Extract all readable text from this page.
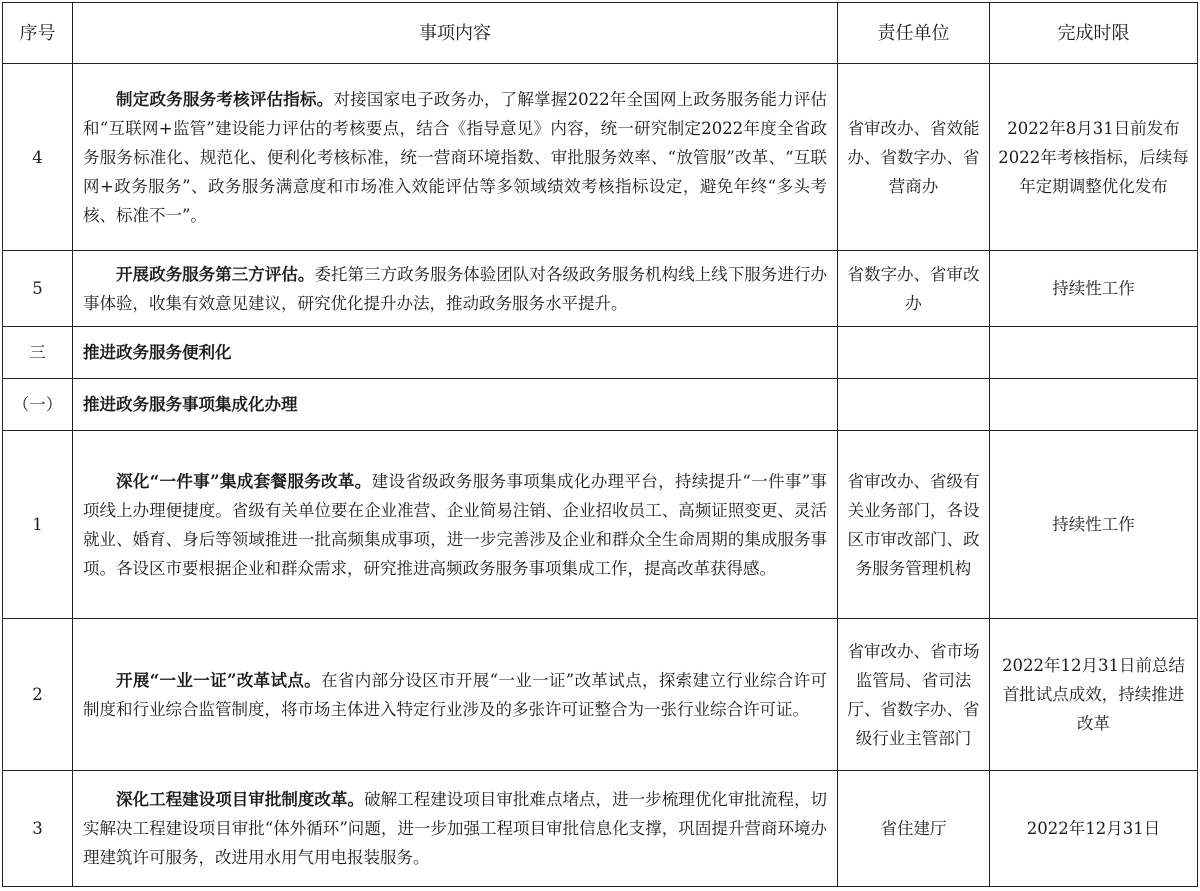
序号	事项内容	责任单位	完成时限
4	制定政务服务考核评估指标。对接国家电子政务办，了解掌握2022年全国网上政务服务能力评估和“互联网+监管”建设能力评估的考核要点，结合《指导意见》内容，统一研究制定2022年度全省政务服务标准化、规范化、便利化考核标准，统一营商环境指数、审批服务效率、“放管服”改革、“互联网+政务服务”、政务服务满意度和市场准入效能评估等多领域绩效考核指标设定，避免年终“多头考核、标准不一”。	省审改办、省效能办、省数字办、省营商办	2022年8月31日前发布2022年考核指标，后续每年定期调整优化发布
5	开展政务服务第三方评估。委托第三方政务服务体验团队对各级政务服务机构线上线下服务进行办事体验，收集有效意见建议，研究优化提升办法，推动政务服务水平提升。	省数字办、省审改办	持续性工作
三	推进政务服务便利化		
（一）	推进政务服务事项集成化办理		
1	深化“一件事”集成套餐服务改革。建设省级政务服务事项集成化办理平台，持续提升“一件事”事项线上办理便捷度。省级有关单位要在企业准营、企业简易注销、企业招收员工、高频证照变更、灵活就业、婚育、身后等领域推进一批高频集成事项，进一步完善涉及企业和群众全生命周期的集成服务事项。各设区市要根据企业和群众需求，研究推进高频政务服务事项集成工作，提高改革获得感。	省审改办、省级有关业务部门，各设区市审改部门、政务服务管理机构	持续性工作
2	开展“一业一证”改革试点。在省内部分设区市开展“一业一证”改革试点，探索建立行业综合许可制度和行业综合监管制度，将市场主体进入特定行业涉及的多张许可证整合为一张行业综合许可证。	省审改办、省市场监管局、省司法厅、省数字办、省级行业主管部门	2022年12月31日前总结首批试点成效，持续推进改革
3	深化工程建设项目审批制度改革。破解工程建设项目审批难点堵点，进一步梳理优化审批流程，切实解决工程建设项目审批“体外循环”问题，进一步加强工程项目审批信息化支撑，巩固提升营商环境办理建筑许可服务，改进用水用气用电报装服务。	省住建厅	2022年12月31日
